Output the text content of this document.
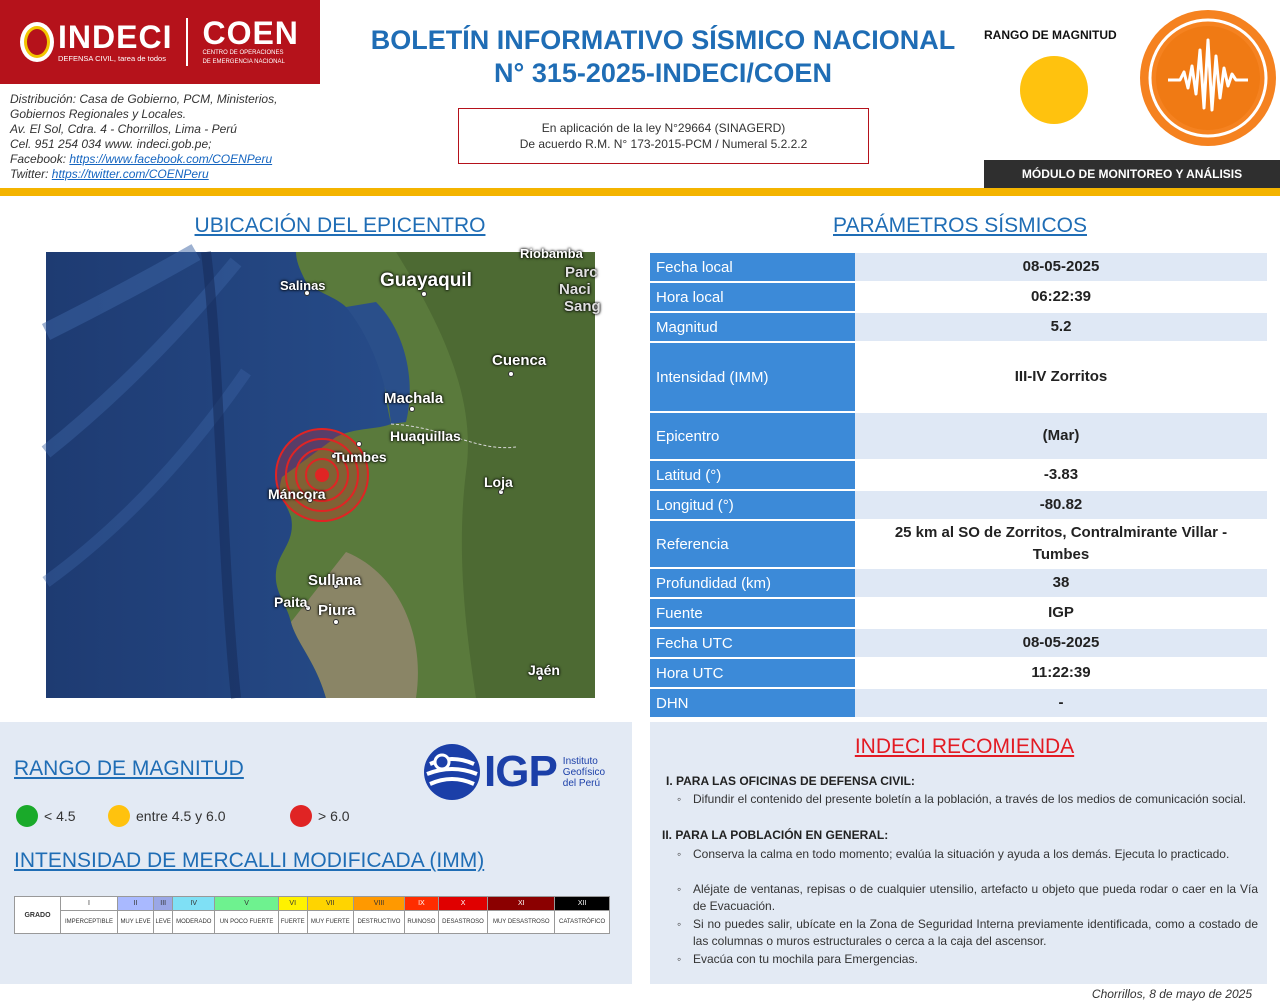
INDECI
DEFENSA CIVIL, tarea de todos
COEN
CENTRO DE OPERACIONES
DE EMERGENCIA NACIONAL
Distribución: Casa de Gobierno, PCM, Ministerios,
Gobiernos Regionales y Locales.
Av. El Sol, Cdra. 4 - Chorrillos, Lima - Perú
Cel. 951 254 034 www. indeci.gob.pe;
Facebook: https://www.facebook.com/COENPeru
Twitter: https://twitter.com/COENPeru
BOLETÍN INFORMATIVO SÍSMICO NACIONAL
N° 315-2025-INDECI/COEN
En aplicación de la ley N°29664 (SINAGERD)
De acuerdo R.M. N° 173-2015-PCM / Numeral 5.2.2.2
RANGO DE MAGNITUD
MÓDULO DE MONITOREO Y ANÁLISIS
UBICACIÓN DEL EPICENTRO
Guayaquil
Salinas
Riobamba
Parc
Naci
Sang
Cuenca
Machala
Huaquillas
Tumbes
Máncora
Loja
Sullana
Paita Piura
Jaén
PARÁMETROS SÍSMICOS
Fecha local	08-05-2025
Hora local	06:22:39
Magnitud	5.2
Intensidad (IMM)	III-IV Zorritos
Epicentro	(Mar)
Latitud (°)	-3.83
Longitud (°)	-80.82
Referencia	25 km al SO de Zorritos, Contralmirante Villar - Tumbes
Profundidad (km)	38
Fuente	IGP
Fecha UTC	08-05-2025
Hora UTC	11:22:39
DHN	-
RANGO DE MAGNITUD
< 4.5	entre 4.5 y 6.0	> 6.0
IGP Instituto
Geofísico
del Perú
INTENSIDAD DE MERCALLI MODIFICADA (IMM)
GRADO	I	II	III	IV	V	VI	VII	VIII	IX	X	XI	XII
	IMPERCEPTIBLE	MUY LEVE	LEVE	MODERADO	UN POCO FUERTE	FUERTE	MUY FUERTE	DESTRUCTIVO	RUINOSO	DESASTROSO	MUY DESASTROSO	CATASTRÓFICO
INDECI RECOMIENDA
I. PARA LAS OFICINAS DE DEFENSA CIVIL:
◦ Difundir el contenido del presente boletín a la población, a través de los medios de comunicación social.
II. PARA LA POBLACIÓN EN GENERAL:
◦ Conserva la calma en todo momento; evalúa la situación y ayuda a los demás. Ejecuta lo practicado.
◦ Aléjate de ventanas, repisas o de cualquier utensilio, artefacto u objeto que pueda rodar o caer en la Vía de Evacuación.
◦ Si no puedes salir, ubícate en la Zona de Seguridad Interna previamente identificada, como a costado de las columnas o muros estructurales o cerca a la caja del ascensor.
◦ Evacúa con tu mochila para Emergencias.
Chorrillos, 8 de mayo de 2025
